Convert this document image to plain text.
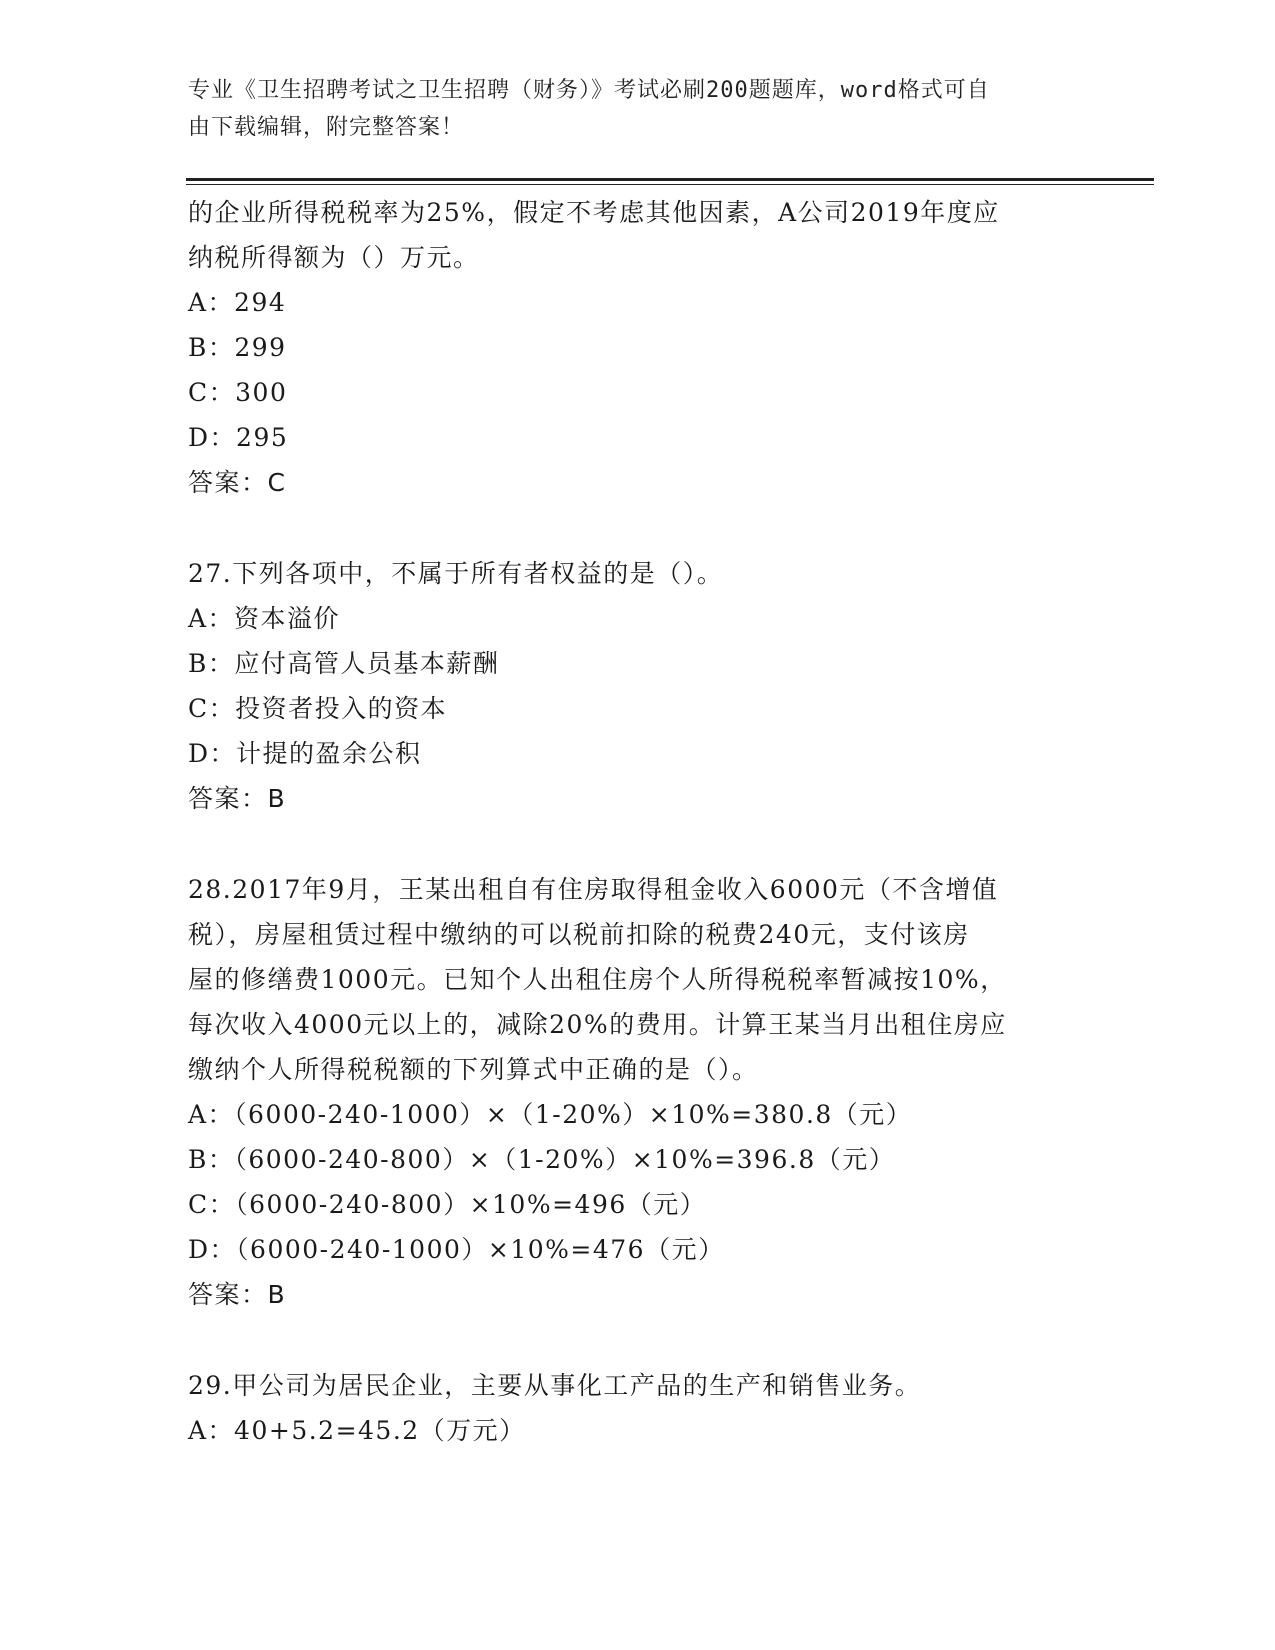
专业《卫生招聘考试之卫生招聘（财务）》考试必刷200题题库，word格式可自
由下载编辑，附完整答案！
的企业所得税税率为25%，假定不考虑其他因素，A公司2019年度应
纳税所得额为（）万元。
A：294
B：299
C：300
D：295
答案：C
27.下列各项中，不属于所有者权益的是（）。
A：资本溢价
B：应付高管人员基本薪酬
C：投资者投入的资本
D：计提的盈余公积
答案：B
28.2017年9月，王某出租自有住房取得租金收入6000元（不含增值
税），房屋租赁过程中缴纳的可以税前扣除的税费240元，支付该房
屋的修缮费1000元。已知个人出租住房个人所得税税率暂减按10%，
每次收入4000元以上的，减除20%的费用。计算王某当月出租住房应
缴纳个人所得税税额的下列算式中正确的是（）。
A：（6000-240-1000）×（1-20%）×10%=380.8（元）
B：（6000-240-800）×（1-20%）×10%=396.8（元）
C：（6000-240-800）×10%=496（元）
D：（6000-240-1000）×10%=476（元）
答案：B
29.甲公司为居民企业，主要从事化工产品的生产和销售业务。
A：40+5.2=45.2（万元）
